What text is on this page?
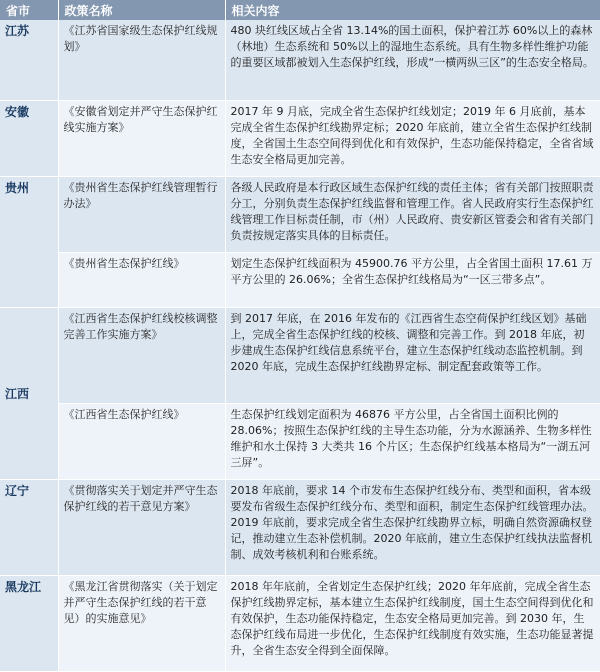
省市	政策名称	相关内容
江苏	《江苏省国家级生态保护红线规划》	480 块红线区域占全省 13.14%的国土面积，保护着江苏 60%以上的森林（林地）生态系统和 50%以上的湿地生态系统。具有生物多样性维护功能的重要区域都被划入生态保护红线，形成“一横两纵三区”的生态安全格局。
安徽	《安徽省划定并严守生态保护红线实施方案》	2017 年 9 月底，完成全省生态保护红线划定；2019 年 6 月底前，基本完成全省生态保护红线勘界定标；2020 年底前，建立全省生态保护红线制度，全省国土生态空间得到优化和有效保护，生态功能保持稳定，全省省域生态安全格局更加完善。
贵州	《贵州省生态保护红线管理暂行办法》	各级人民政府是本行政区域生态保护红线的责任主体；省有关部门按照职责分工，分别负责生态保护红线监督和管理工作。省人民政府实行生态保护红线管理工作目标责任制，市（州）人民政府、贵安新区管委会和省有关部门负责按规定落实具体的目标责任。
	《贵州省生态保护红线》	划定生态保护红线面积为 45900.76 平方公里，占全省国土面积 17.61 万平方公里的 26.06%；全省生态保护红线格局为“一区三带多点”。
江西	《江西省生态保护红线校核调整完善工作实施方案》	到 2017 年底，在 2016 年发布的《江西省生态空荷保护红线区划》基础上，完成全省生态保护红线的校核、调整和完善工作。到 2018 年底，初步建成生态保护红线信息系统平台，建立生态保护红线动态监控机制。到 2020 年底，完成生态保护红线勘界定标、制定配套政策等工作。
	《江西省生态保护红线》	生态保护红线划定面积为 46876 平方公里，占全省国土面积比例的 28.06%；按照生态保护红线的主导生态功能，分为水源涵养、生物多样性维护和水土保持 3 大类共 16 个片区；生态保护红线基本格局为“一湖五河三屏”。
辽宁	《贯彻落实关于划定并严守生态保护红线的若干意见方案》	2018 年底前，要求 14 个市发布生态保护红线分布、类型和面积，省本级要发布省级生态保护红线分布、类型和面积，制定生态保护红线管理办法。2019 年底前，要求完成全省生态保护红线勘界立标，明确自然资源确权登记，推动建立生态补偿机制。2020 年底前，建立生态保护红线执法监督机制、成效考核机利和台账系统。
黑龙江	《黑龙江省贯彻落实（关于划定并严守生态保护红线的若干意见）的实施意见》	2018 年年底前，全省划定生态保护红线；2020 年年底前，完成全省生态保护红线勘界定标，基本建立生态保护红线制度，国土生态空间得到优化和有效保护，生态功能保持稳定，生态安全格局更加完善。到 2030 年，生态保护红线布局进一步优化，生态保护红线制度有效实施，生态功能显著提升，全省生态安全得到全面保障。
